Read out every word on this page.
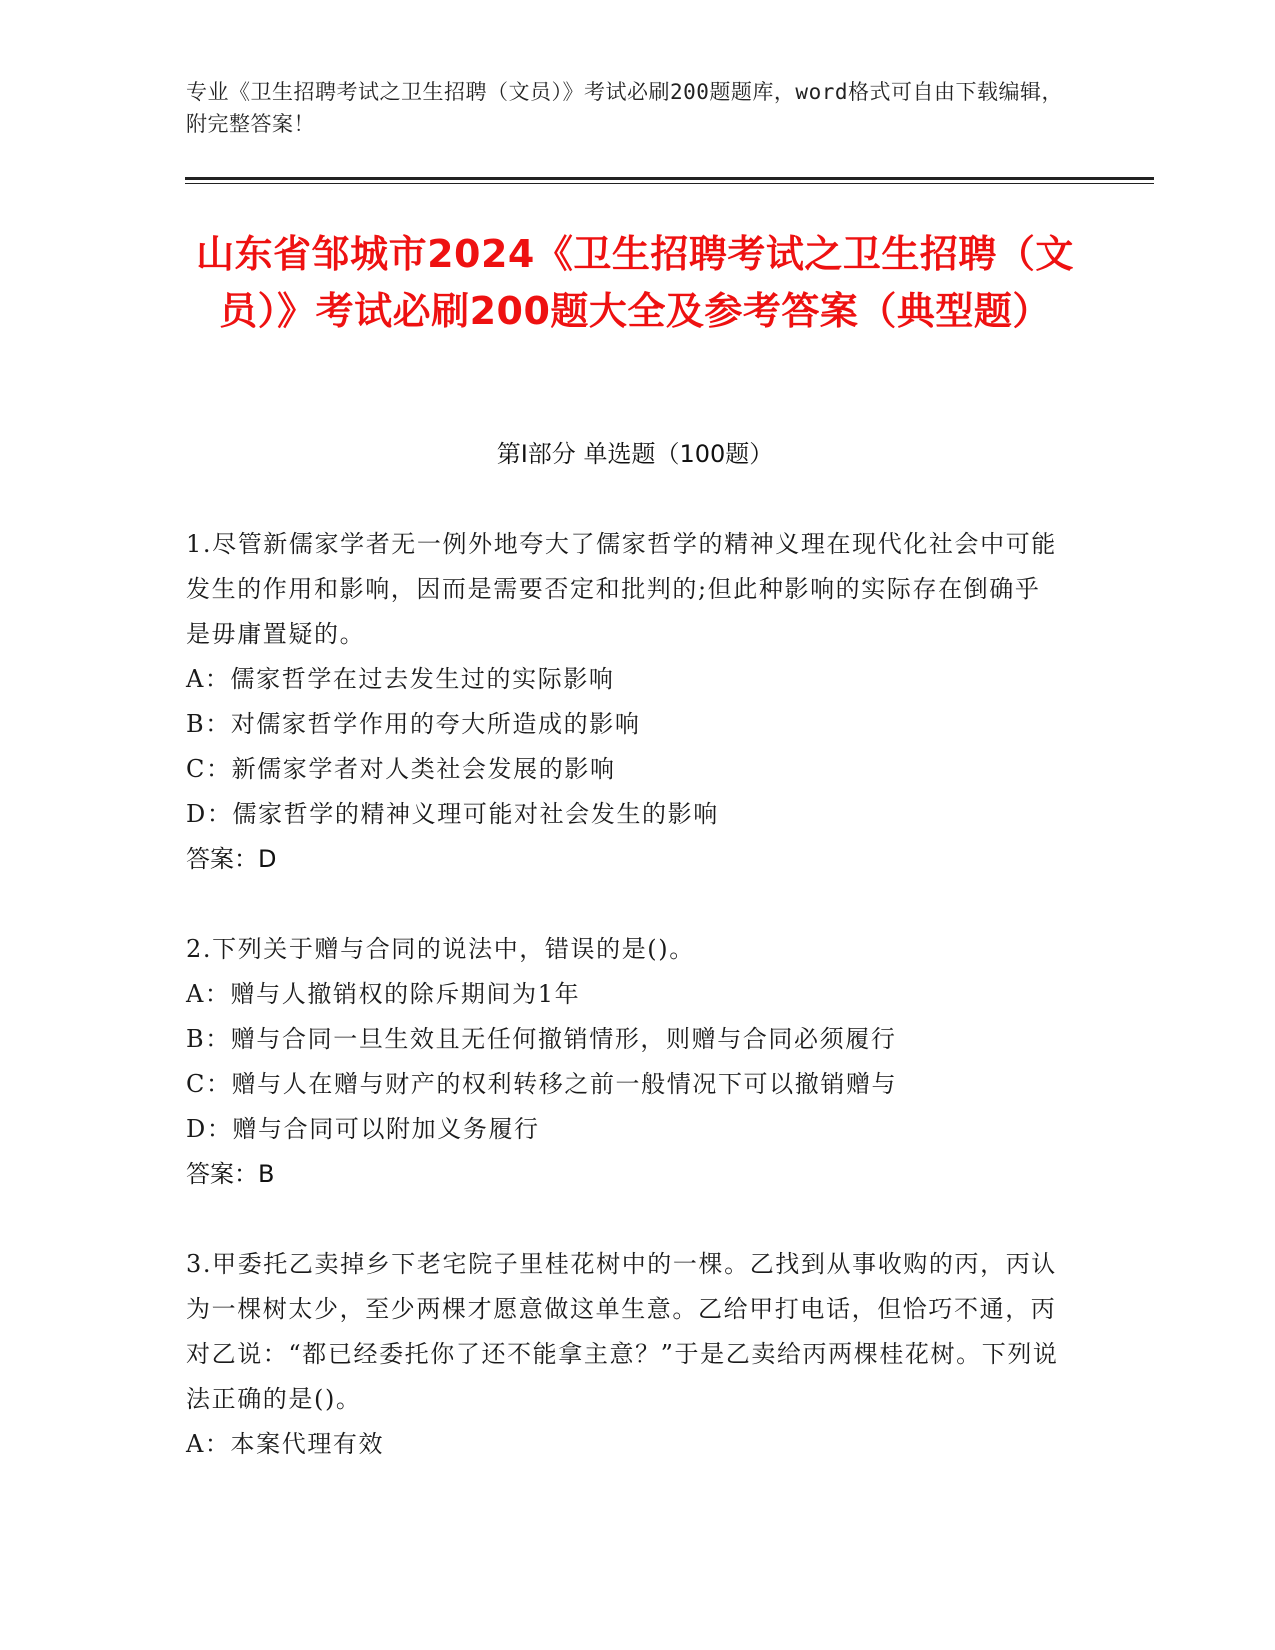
专业《卫生招聘考试之卫生招聘（文员）》考试必刷200题题库，word格式可自由下载编辑，附完整答案！
山东省邹城市2024《卫生招聘考试之卫生招聘（文员）》考试必刷200题大全及参考答案（典型题）
第I部分 单选题（100题）

1.尽管新儒家学者无一例外地夸大了儒家哲学的精神义理在现代化社会中可能发生的作用和影响，因而是需要否定和批判的;但此种影响的实际存在倒确乎是毋庸置疑的。

A：儒家哲学在过去发生过的实际影响

B：对儒家哲学作用的夸大所造成的影响

C：新儒家学者对人类社会发展的影响

D：儒家哲学的精神义理可能对社会发生的影响

答案：D

2.下列关于赠与合同的说法中，错误的是()。

A：赠与人撤销权的除斥期间为1年

B：赠与合同一旦生效且无任何撤销情形，则赠与合同必须履行

C：赠与人在赠与财产的权利转移之前一般情况下可以撤销赠与

D：赠与合同可以附加义务履行

答案：B

3.甲委托乙卖掉乡下老宅院子里桂花树中的一棵。乙找到从事收购的丙，丙认为一棵树太少，至少两棵才愿意做这单生意。乙给甲打电话，但恰巧不通，丙对乙说：“都已经委托你了还不能拿主意？”于是乙卖给丙两棵桂花树。下列说法正确的是()。

A：本案代理有效
